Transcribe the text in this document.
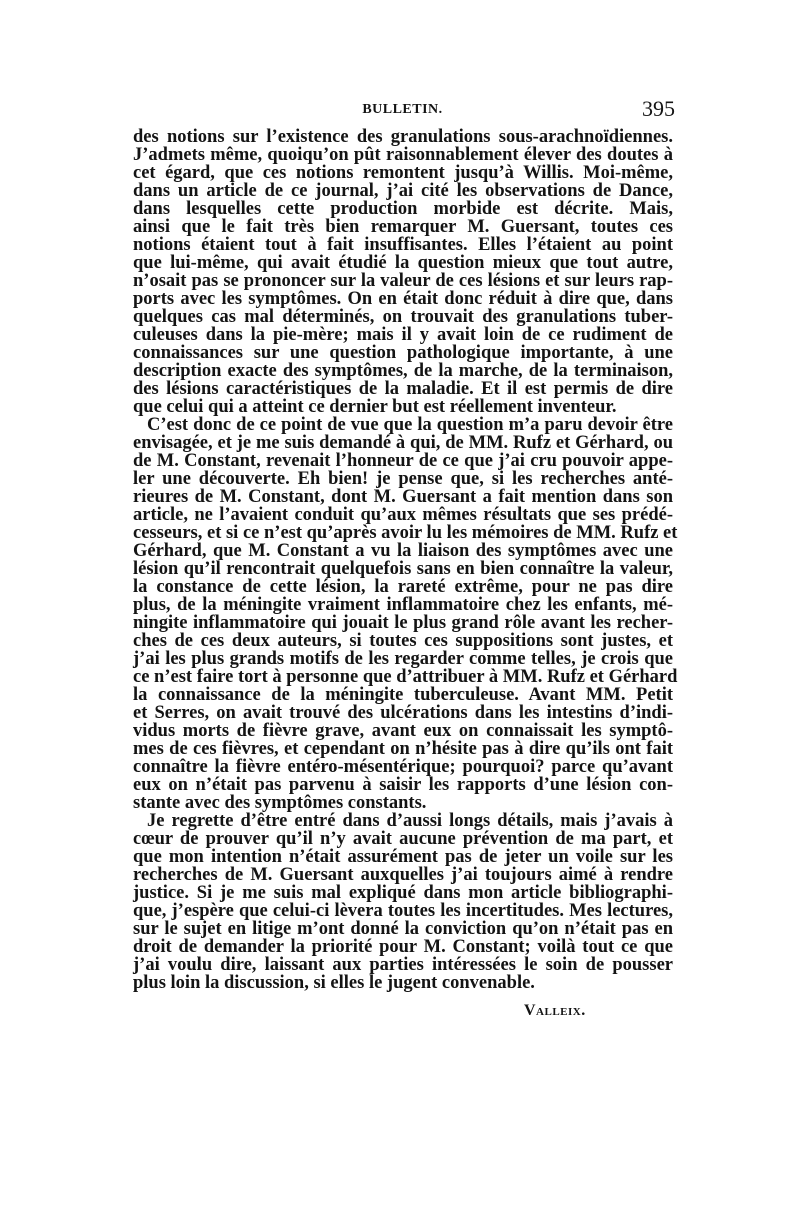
BULLETIN.	395
des notions sur l’existence des granulations sous-arachnoïdiennes.
J’admets même, quoiqu’on pût raisonnablement élever des doutes à
cet égard, que ces notions remontent jusqu’à Willis. Moi-même,
dans un article de ce journal, j’ai cité les observations de Dance,
dans lesquelles cette production morbide est décrite. Mais,
ainsi que le fait très bien remarquer M. Guersant, toutes ces
notions étaient tout à fait insuffisantes. Elles l’étaient au point
que lui-même, qui avait étudié la question mieux que tout autre,
n’osait pas se prononcer sur la valeur de ces lésions et sur leurs rap-
ports avec les symptômes. On en était donc réduit à dire que, dans
quelques cas mal déterminés, on trouvait des granulations tuber-
culeuses dans la pie-mère; mais il y avait loin de ce rudiment de
connaissances sur une question pathologique importante, à une
description exacte des symptômes, de la marche, de la terminaison,
des lésions caractéristiques de la maladie. Et il est permis de dire
que celui qui a atteint ce dernier but est réellement inventeur.
C’est donc de ce point de vue que la question m’a paru devoir être
envisagée, et je me suis demandé à qui, de MM. Rufz et Gérhard, ou
de M. Constant, revenait l’honneur de ce que j’ai cru pouvoir appe-
ler une découverte. Eh bien! je pense que, si les recherches anté-
rieures de M. Constant, dont M. Guersant a fait mention dans son
article, ne l’avaient conduit qu’aux mêmes résultats que ses prédé-
cesseurs, et si ce n’est qu’après avoir lu les mémoires de MM. Rufz et
Gérhard, que M. Constant a vu la liaison des symptômes avec une
lésion qu’il rencontrait quelquefois sans en bien connaître la valeur,
la constance de cette lésion, la rareté extrême, pour ne pas dire
plus, de la méningite vraiment inflammatoire chez les enfants, mé-
ningite inflammatoire qui jouait le plus grand rôle avant les recher-
ches de ces deux auteurs, si toutes ces suppositions sont justes, et
j’ai les plus grands motifs de les regarder comme telles, je crois que
ce n’est faire tort à personne que d’attribuer à MM. Rufz et Gérhard
la connaissance de la méningite tuberculeuse. Avant MM. Petit
et Serres, on avait trouvé des ulcérations dans les intestins d’indi-
vidus morts de fièvre grave, avant eux on connaissait les symptô-
mes de ces fièvres, et cependant on n’hésite pas à dire qu’ils ont fait
connaître la fièvre entéro-mésentérique; pourquoi? parce qu’avant
eux on n’était pas parvenu à saisir les rapports d’une lésion con-
stante avec des symptômes constants.
Je regrette d’être entré dans d’aussi longs détails, mais j’avais à
cœur de prouver qu’il n’y avait aucune prévention de ma part, et
que mon intention n’était assurément pas de jeter un voile sur les
recherches de M. Guersant auxquelles j’ai toujours aimé à rendre
justice. Si je me suis mal expliqué dans mon article bibliographi-
que, j’espère que celui-ci lèvera toutes les incertitudes. Mes lectures,
sur le sujet en litige m’ont donné la conviction qu’on n’était pas en
droit de demander la priorité pour M. Constant; voilà tout ce que
j’ai voulu dire, laissant aux parties intéressées le soin de pousser
plus loin la discussion, si elles le jugent convenable.
Valleix.
